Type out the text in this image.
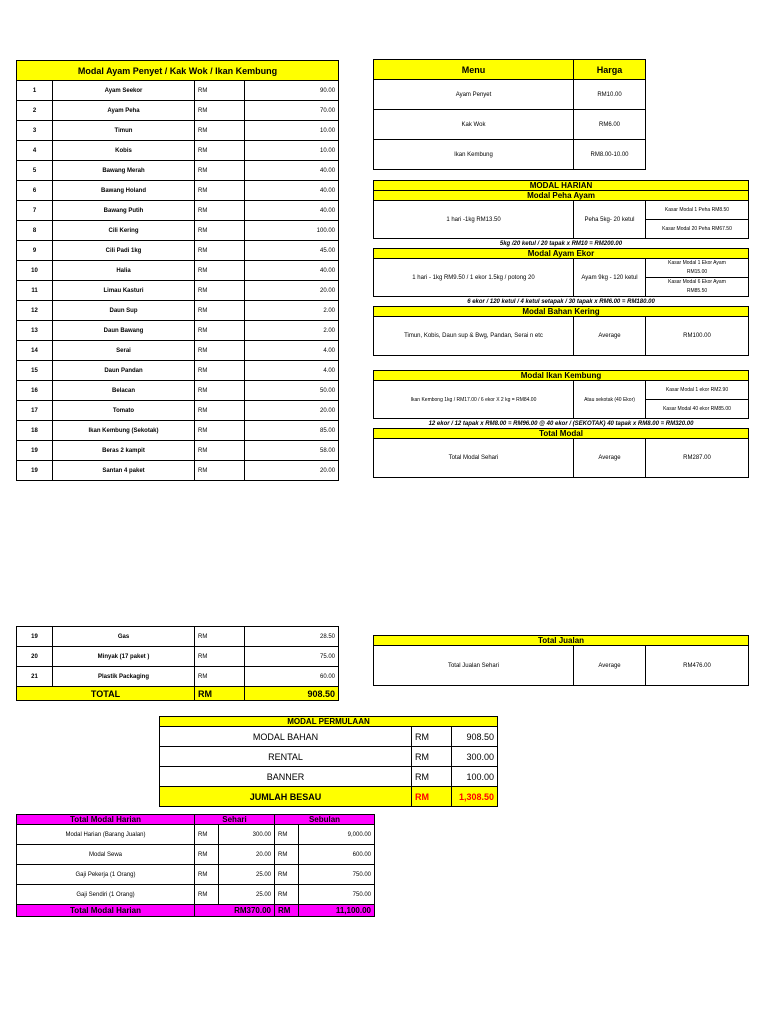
Modal Ayam Penyet / Kak Wok / Ikan Kembung			
1	Ayam Seekor	RM	90.00
2	Ayam Peha	RM	70.00
3	Timun	RM	10.00
4	Kobis	RM	10.00
5	Bawang Merah	RM	40.00
6	Bawang Holand	RM	40.00
7	Bawang Putih	RM	40.00
8	Cili Kering	RM	100.00
9	Cili Padi 1kg	RM	45.00
10	Halia	RM	40.00
11	Limau Kasturi	RM	20.00
12	Daun Sup	RM	2.00
13	Daun Bawang	RM	2.00
14	Serai	RM	4.00
15	Daun Pandan	RM	4.00
16	Belacan	RM	50.00
17	Tomato	RM	20.00
18	Ikan Kembung (Sekotak)	RM	85.00
19	Beras 2 kampit	RM	58.00
19	Santan 4 paket	RM	20.00
19	Gas	RM	28.50
20	Minyak (17 paket )	RM	75.00
21	Plastik Packaging	RM	60.00
TOTAL		RM	908.50
Menu	Harga
Ayam Penyet	RM10.00
Kak Wok	RM6.00
Ikan Kembung	RM8.00-10.00
MODAL HARIAN		
Modal Peha Ayam		
1 hari -1kg RM13.50	Peha 5kg- 20 ketul	Kasar Modal 1 Peha RM8.50
		Kasar Modal 20 Peha RM67.50
5kg /20 ketul / 20 tapak x RM10 = RM200.00		
Modal Ayam Ekor		
1 hari - 1kg RM9.50 / 1 ekor 1.5kg / potong 20	Ayam 9kg - 120 ketul	Kasar Modal 1 Ekor Ayam
RM15.00

		Kasar Modal 6 Ekor Ayam
RM85.50

6 ekor / 120 ketul / 4 ketul setapak / 30 tapak x RM6.00 = RM180.00		
Modal Bahan Kering		
Timun, Kobis, Daun sup & Bwg, Pandan, Serai n etc	Average	RM100.00

Modal Ikan Kembung		
Ikan Kembong 1kg / RM17.00 / 6 ekor X 2 kg = RM84.00	Atau sekotak (40 Ekor)	Kasar Modal 1 ekor RM2.90
		Kasar Modal 40 ekor RM85.00
12 ekor / 12 tapak x RM8.00 = RM96.00 @ 40 ekor / (SEKOTAK) 40 tapak x RM8.00 = RM320.00		
Total Modal		
Total Modal Sehari	Average	RM287.00
Total Jualan
Total Jualan Sehari	Average	RM476.00
MODAL PERMULAAN		
MODAL BAHAN	RM	908.50
RENTAL	RM	300.00
BANNER	RM	100.00
JUMLAH BESAU	RM	1,308.50
Total Modal Harian	Sehari		Sebulan	
Modal Harian (Barang Jualan)	RM	300.00	RM	9,000.00
Modal Sewa	RM	20.00	RM	600.00
Gaji Pekerja (1 Orang)	RM	25.00	RM	750.00
Gaji Sendiri (1 Orang)	RM	25.00	RM	750.00
Total Modal Harian	RM370.00		RM	11,100.00
